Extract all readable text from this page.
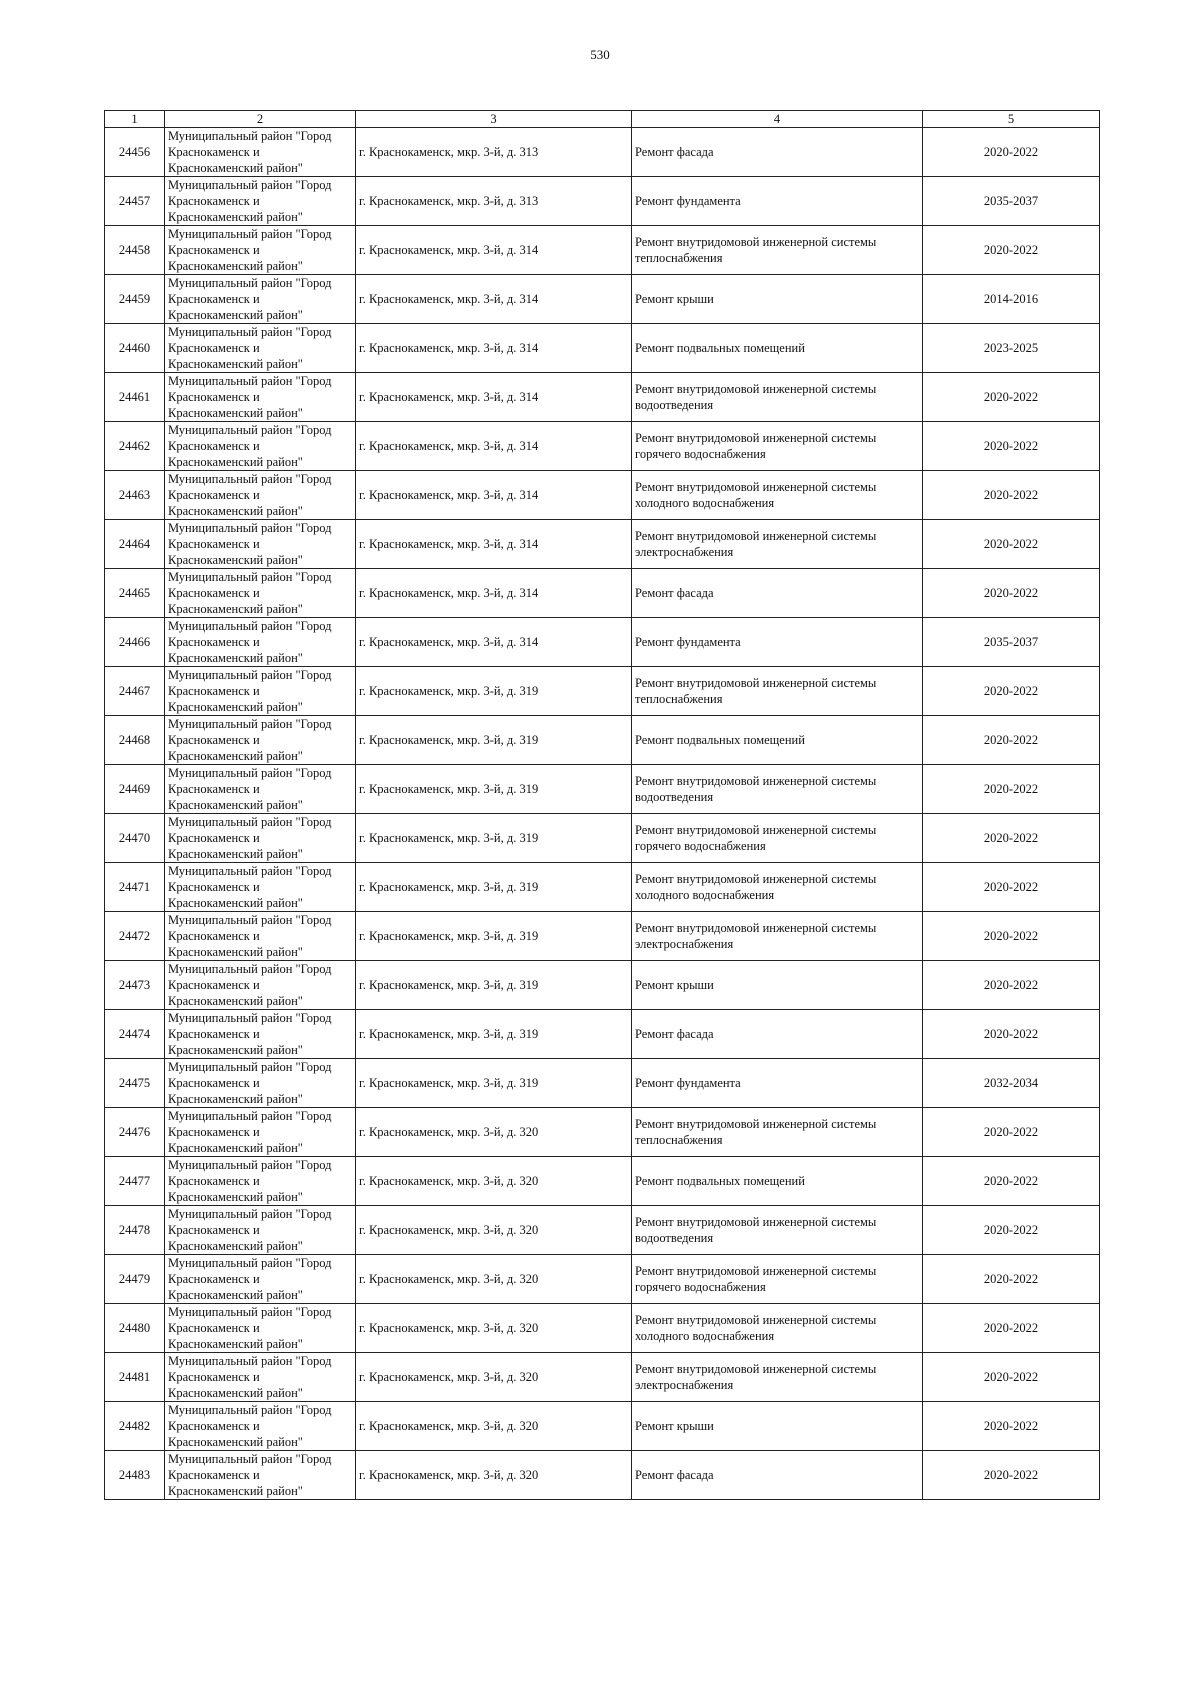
530
1	2	3	4	5
24456	Муниципальный район "Город Краснокаменск и Краснокаменский район"	г. Краснокаменск, мкр. 3-й, д. 313	Ремонт фасада	2020-2022
24457	Муниципальный район "Город Краснокаменск и Краснокаменский район"	г. Краснокаменск, мкр. 3-й, д. 313	Ремонт фундамента	2035-2037
24458	Муниципальный район "Город Краснокаменск и Краснокаменский район"	г. Краснокаменск, мкр. 3-й, д. 314	Ремонт внутридомовой инженерной системы теплоснабжения	2020-2022
24459	Муниципальный район "Город Краснокаменск и Краснокаменский район"	г. Краснокаменск, мкр. 3-й, д. 314	Ремонт крыши	2014-2016
24460	Муниципальный район "Город Краснокаменск и Краснокаменский район"	г. Краснокаменск, мкр. 3-й, д. 314	Ремонт подвальных помещений	2023-2025
24461	Муниципальный район "Город Краснокаменск и Краснокаменский район"	г. Краснокаменск, мкр. 3-й, д. 314	Ремонт внутридомовой инженерной системы водоотведения	2020-2022
24462	Муниципальный район "Город Краснокаменск и Краснокаменский район"	г. Краснокаменск, мкр. 3-й, д. 314	Ремонт внутридомовой инженерной системы горячего водоснабжения	2020-2022
24463	Муниципальный район "Город Краснокаменск и Краснокаменский район"	г. Краснокаменск, мкр. 3-й, д. 314	Ремонт внутридомовой инженерной системы холодного водоснабжения	2020-2022
24464	Муниципальный район "Город Краснокаменск и Краснокаменский район"	г. Краснокаменск, мкр. 3-й, д. 314	Ремонт внутридомовой инженерной системы электроснабжения	2020-2022
24465	Муниципальный район "Город Краснокаменск и Краснокаменский район"	г. Краснокаменск, мкр. 3-й, д. 314	Ремонт фасада	2020-2022
24466	Муниципальный район "Город Краснокаменск и Краснокаменский район"	г. Краснокаменск, мкр. 3-й, д. 314	Ремонт фундамента	2035-2037
24467	Муниципальный район "Город Краснокаменск и Краснокаменский район"	г. Краснокаменск, мкр. 3-й, д. 319	Ремонт внутридомовой инженерной системы теплоснабжения	2020-2022
24468	Муниципальный район "Город Краснокаменск и Краснокаменский район"	г. Краснокаменск, мкр. 3-й, д. 319	Ремонт подвальных помещений	2020-2022
24469	Муниципальный район "Город Краснокаменск и Краснокаменский район"	г. Краснокаменск, мкр. 3-й, д. 319	Ремонт внутридомовой инженерной системы водоотведения	2020-2022
24470	Муниципальный район "Город Краснокаменск и Краснокаменский район"	г. Краснокаменск, мкр. 3-й, д. 319	Ремонт внутридомовой инженерной системы горячего водоснабжения	2020-2022
24471	Муниципальный район "Город Краснокаменск и Краснокаменский район"	г. Краснокаменск, мкр. 3-й, д. 319	Ремонт внутридомовой инженерной системы холодного водоснабжения	2020-2022
24472	Муниципальный район "Город Краснокаменск и Краснокаменский район"	г. Краснокаменск, мкр. 3-й, д. 319	Ремонт внутридомовой инженерной системы электроснабжения	2020-2022
24473	Муниципальный район "Город Краснокаменск и Краснокаменский район"	г. Краснокаменск, мкр. 3-й, д. 319	Ремонт крыши	2020-2022
24474	Муниципальный район "Город Краснокаменск и Краснокаменский район"	г. Краснокаменск, мкр. 3-й, д. 319	Ремонт фасада	2020-2022
24475	Муниципальный район "Город Краснокаменск и Краснокаменский район"	г. Краснокаменск, мкр. 3-й, д. 319	Ремонт фундамента	2032-2034
24476	Муниципальный район "Город Краснокаменск и Краснокаменский район"	г. Краснокаменск, мкр. 3-й, д. 320	Ремонт внутридомовой инженерной системы теплоснабжения	2020-2022
24477	Муниципальный район "Город Краснокаменск и Краснокаменский район"	г. Краснокаменск, мкр. 3-й, д. 320	Ремонт подвальных помещений	2020-2022
24478	Муниципальный район "Город Краснокаменск и Краснокаменский район"	г. Краснокаменск, мкр. 3-й, д. 320	Ремонт внутридомовой инженерной системы водоотведения	2020-2022
24479	Муниципальный район "Город Краснокаменск и Краснокаменский район"	г. Краснокаменск, мкр. 3-й, д. 320	Ремонт внутридомовой инженерной системы горячего водоснабжения	2020-2022
24480	Муниципальный район "Город Краснокаменск и Краснокаменский район"	г. Краснокаменск, мкр. 3-й, д. 320	Ремонт внутридомовой инженерной системы холодного водоснабжения	2020-2022
24481	Муниципальный район "Город Краснокаменск и Краснокаменский район"	г. Краснокаменск, мкр. 3-й, д. 320	Ремонт внутридомовой инженерной системы электроснабжения	2020-2022
24482	Муниципальный район "Город Краснокаменск и Краснокаменский район"	г. Краснокаменск, мкр. 3-й, д. 320	Ремонт крыши	2020-2022
24483	Муниципальный район "Город Краснокаменск и Краснокаменский район"	г. Краснокаменск, мкр. 3-й, д. 320	Ремонт фасада	2020-2022
